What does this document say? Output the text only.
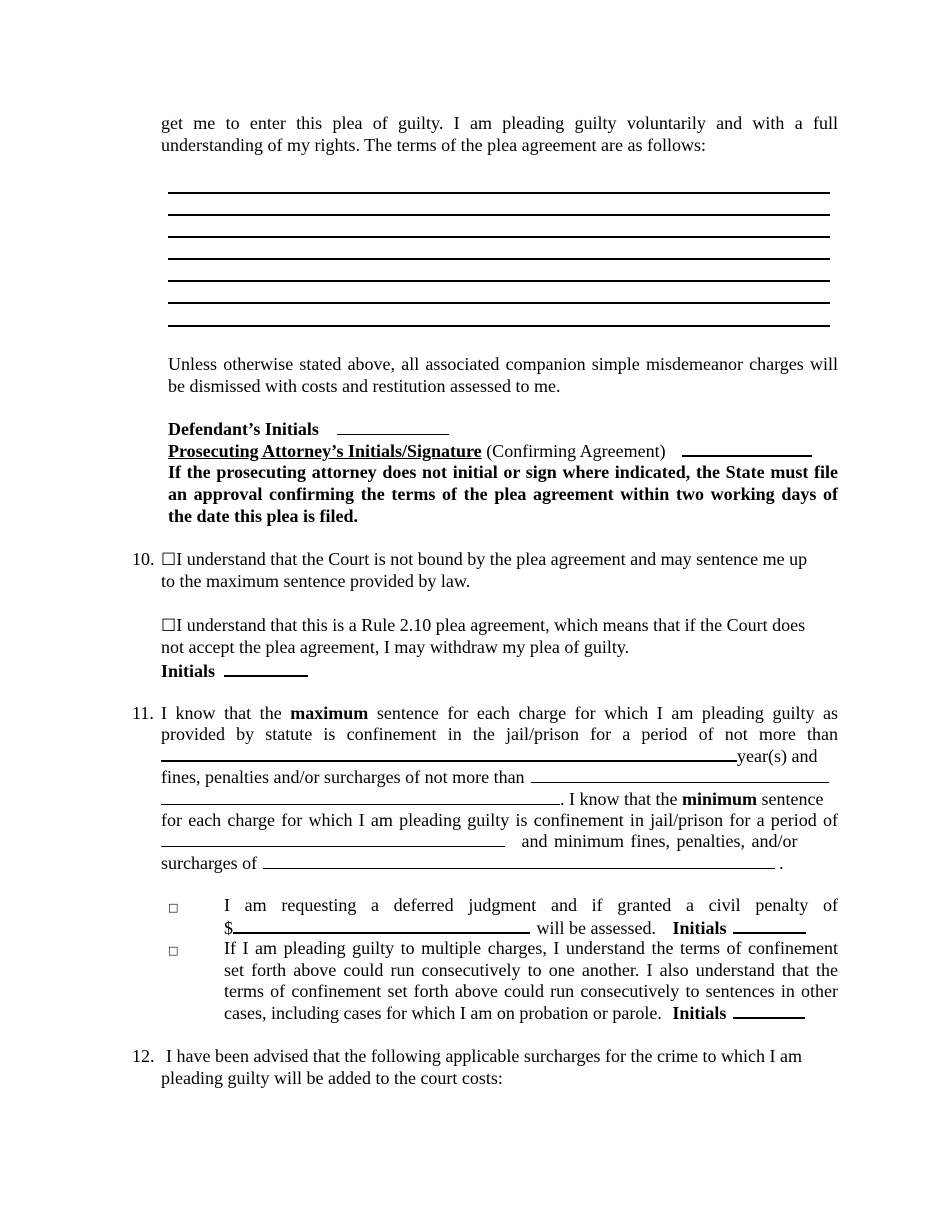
get me to enter this plea of guilty. I am pleading guilty voluntarily and with a full
understanding of my rights. The terms of the plea agreement are as follows:
Unless otherwise stated above, all associated companion simple misdemeanor charges will
be dismissed with costs and restitution assessed to me.
Defendant’s Initials
Prosecuting Attorney’s Initials/Signature (Confirming Agreement)
If the prosecuting attorney does not initial or sign where indicated, the State must file
an approval confirming the terms of the plea agreement within two working days of
the date this plea is filed.
10. ☐I understand that the Court is not bound by the plea agreement and may sentence me up
to the maximum sentence provided by law.
☐I understand that this is a Rule 2.10 plea agreement, which means that if the Court does
not accept the plea agreement, I may withdraw my plea of guilty.
Initials
11. I know that the maximum sentence for each charge for which I am pleading guilty as
provided by statute is confinement in the jail/prison for a period of not more than
year(s) and
fines, penalties and/or surcharges of not more than
. I know that the minimum sentence
for each charge for which I am pleading guilty is confinement in jail/prison for a period of
and minimum fines, penalties, and/or
surcharges of	.
□	I am requesting a deferred judgment and if granted a civil penalty of
$	will be assessed. Initials
□	If I am pleading guilty to multiple charges, I understand the terms of confinement
set forth above could run consecutively to one another. I also understand that the
terms of confinement set forth above could run consecutively to sentences in other
cases, including cases for which I am on probation or parole. Initials
12. I have been advised that the following applicable surcharges for the crime to which I am
pleading guilty will be added to the court costs:
